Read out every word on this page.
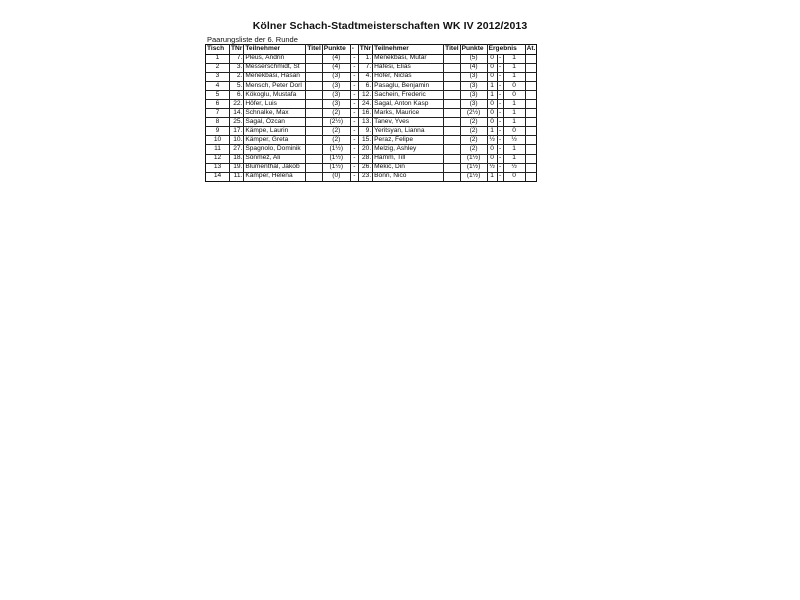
Kölner Schach-Stadtmeisterschaften WK IV 2012/2013
Paarungsliste der 6. Runde
Tisch	TNr	Teilnehmer	Titel	Punkte	-	TNr	Teilnehmer	Titel	Punkte	Ergebnis			At.
1	7.	Pleus, Andrin		(4)	-	1.	Menekbasi, Mutar		(5)	0	-	1	
2	3.	Messerschmidt, St		(4)	-	7.	Hafesi, Elias		(4)	0	-	1	
3	2.	Menekbasi, Hasan		(3)	-	4.	Höfer, Niclas		(3)	0	-	1	
4	5.	Mensch, Peter Dorl		(3)	-	6.	Pasaglu, Benjamin		(3)	1	-	0	
5	6.	Kökoglu, Mustafa		(3)	-	12.	Sachein, Frederic		(3)	1	-	0	
6	22.	Höfer, Luis		(3)	-	24.	Sagal, Anton Kasp		(3)	0	-	1	
7	14.	Schnalke, Max		(2)	-	16.	Marks, Maurice		(2½)	0	-	1	
8	25.	Sagal, Özcan		(2½)	-	13.	Tanev, Yves		(2)	0	-	1	
9	17.	Kämpe, Laurin		(2)	-	9.	Yeritsyan, Lianna		(2)	1	-	0	
10	10.	Kämper, Greta		(2)	-	15.	Peraz, Felipe		(2)	½	-	½	
11	27.	Spagnolo, Dominik		(1½)	-	20.	Melzig, Ashley		(2)	0	-	1	
12	18.	Sönmez, Ali		(1½)	-	28.	Hamm, Till		(1½)	0	-	1	
13	19.	Blumenthal, Jakob		(1½)	-	26.	Mekic, Din		(1½)	½	-	½	
14	11.	Kämper, Helena		(0)	-	23.	Bonn, Nico		(1½)	1	-	0	
